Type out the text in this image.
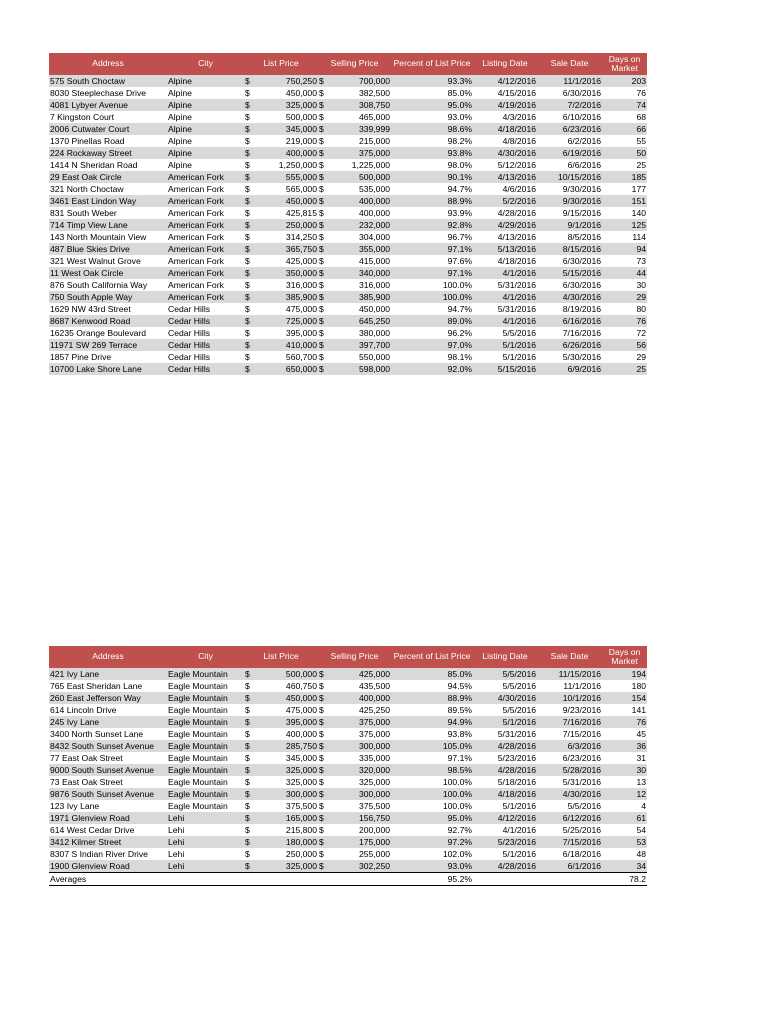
Address	City	List Price		Selling Price		Percent of List Price	Listing Date	Sale Date	Days on Market
575 South Choctaw	Alpine	$	750,250	$	700,000	93.3%	4/12/2016	11/1/2016	203
8030 Steeplechase Drive	Alpine	$	450,000	$	382,500	85.0%	4/15/2016	6/30/2016	76
4081 Lybyer Avenue	Alpine	$	325,000	$	308,750	95.0%	4/19/2016	7/2/2016	74
7 Kingston Court	Alpine	$	500,000	$	465,000	93.0%	4/3/2016	6/10/2016	68
2006 Cutwater Court	Alpine	$	345,000	$	339,999	98.6%	4/18/2016	6/23/2016	66
1370 Pinellas Road	Alpine	$	219,000	$	215,000	98.2%	4/8/2016	6/2/2016	55
224 Rockaway Street	Alpine	$	400,000	$	375,000	93.8%	4/30/2016	6/19/2016	50
1414 N Sheridan Road	Alpine	$	1,250,000	$	1,225,000	98.0%	5/12/2016	6/6/2016	25
29 East Oak Circle	American Fork	$	555,000	$	500,000	90.1%	4/13/2016	10/15/2016	185
321 North Choctaw	American Fork	$	565,000	$	535,000	94.7%	4/6/2016	9/30/2016	177
3461 East Lindon Way	American Fork	$	450,000	$	400,000	88.9%	5/2/2016	9/30/2016	151
831 South Weber	American Fork	$	425,815	$	400,000	93.9%	4/28/2016	9/15/2016	140
714 Timp View Lane	American Fork	$	250,000	$	232,000	92.8%	4/29/2016	9/1/2016	125
143 North Mountain View	American Fork	$	314,250	$	304,000	96.7%	4/13/2016	8/5/2016	114
487 Blue Skies Drive	American Fork	$	365,750	$	355,000	97.1%	5/13/2016	8/15/2016	94
321 West Walnut Grove	American Fork	$	425,000	$	415,000	97.6%	4/18/2016	6/30/2016	73
11 West Oak Circle	American Fork	$	350,000	$	340,000	97.1%	4/1/2016	5/15/2016	44
876 South California Way	American Fork	$	316,000	$	316,000	100.0%	5/31/2016	6/30/2016	30
750 South Apple Way	American Fork	$	385,900	$	385,900	100.0%	4/1/2016	4/30/2016	29
1629 NW 43rd Street	Cedar Hills	$	475,000	$	450,000	94.7%	5/31/2016	8/19/2016	80
8687 Kenwood Road	Cedar Hills	$	725,000	$	645,250	89.0%	4/1/2016	6/16/2016	76
16235 Orange Boulevard	Cedar Hills	$	395,000	$	380,000	96.2%	5/5/2016	7/16/2016	72
11971 SW 269 Terrace	Cedar Hills	$	410,000	$	397,700	97.0%	5/1/2016	6/26/2016	56
1857 Pine Drive	Cedar Hills	$	560,700	$	550,000	98.1%	5/1/2016	5/30/2016	29
10700 Lake Shore Lane	Cedar Hills	$	650,000	$	598,000	92.0%	5/15/2016	6/9/2016	25
Address	City	List Price		Selling Price		Percent of List Price	Listing Date	Sale Date	Days on Market
421 Ivy Lane	Eagle Mountain	$	500,000	$	425,000	85.0%	5/5/2016	11/15/2016	194
765 East Sheridan Lane	Eagle Mountain	$	460,750	$	435,500	94.5%	5/5/2016	11/1/2016	180
260 East Jefferson Way	Eagle Mountain	$	450,000	$	400,000	88.9%	4/30/2016	10/1/2016	154
614 Lincoln Drive	Eagle Mountain	$	475,000	$	425,250	89.5%	5/5/2016	9/23/2016	141
245 Ivy Lane	Eagle Mountain	$	395,000	$	375,000	94.9%	5/1/2016	7/16/2016	76
3400 North Sunset Lane	Eagle Mountain	$	400,000	$	375,000	93.8%	5/31/2016	7/15/2016	45
8432 South Sunset Avenue	Eagle Mountain	$	285,750	$	300,000	105.0%	4/28/2016	6/3/2016	36
77 East Oak Street	Eagle Mountain	$	345,000	$	335,000	97.1%	5/23/2016	6/23/2016	31
9000 South Sunset Avenue	Eagle Mountain	$	325,000	$	320,000	98.5%	4/28/2016	5/28/2016	30
73 East Oak Street	Eagle Mountain	$	325,000	$	325,000	100.0%	5/18/2016	5/31/2016	13
9876 South Sunset Avenue	Eagle Mountain	$	300,000	$	300,000	100.0%	4/18/2016	4/30/2016	12
123 Ivy Lane	Eagle Mountain	$	375,500	$	375,500	100.0%	5/1/2016	5/5/2016	4
1971 Glenview Road	Lehi	$	165,000	$	156,750	95.0%	4/12/2016	6/12/2016	61
614 West Cedar Drive	Lehi	$	215,800	$	200,000	92.7%	4/1/2016	5/25/2016	54
3412 Kilmer Street	Lehi	$	180,000	$	175,000	97.2%	5/23/2016	7/15/2016	53
8307 S Indian River Drive	Lehi	$	250,000	$	255,000	102.0%	5/1/2016	6/18/2016	48
1900 Glenview Road	Lehi	$	325,000	$	302,250	93.0%	4/28/2016	6/1/2016	34
Averages						95.2%			78.2
